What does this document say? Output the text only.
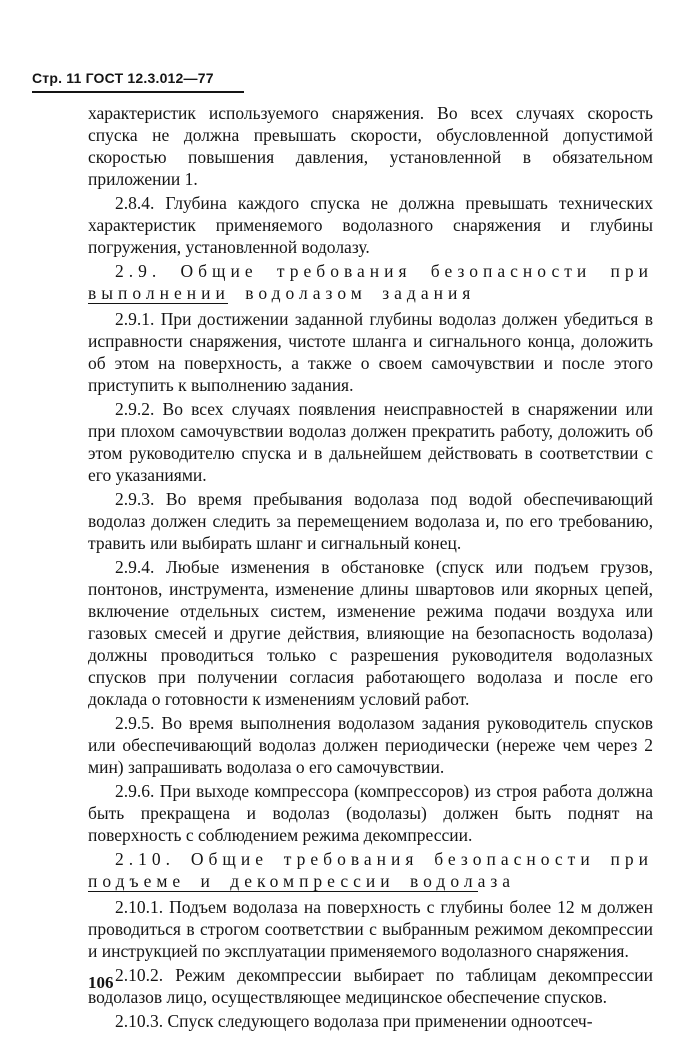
Стр. 11 ГОСТ 12.3.012—77

характеристик используемого снаряжения. Во всех случаях скорость спуска не должна превышать скорости, обусловленной допустимой скоростью повышения давления, установленной в обязательном приложении 1.

2.8.4. Глубина каждого спуска не должна превышать технических характеристик применяемого водолазного снаряжения и глубины погружения, установленной водолазу.

2.9. Общие требования безопасности при выполнении водолазом задания

2.9.1. При достижении заданной глубины водолаз должен убедиться в исправности снаряжения, чистоте шланга и сигнального конца, доложить об этом на поверхность, а также о своем самочувствии и после этого приступить к выполнению задания.

2.9.2. Во всех случаях появления неисправностей в снаряжении или при плохом самочувствии водолаз должен прекратить работу, доложить об этом руководителю спуска и в дальнейшем действовать в соответствии с его указаниями.

2.9.3. Во время пребывания водолаза под водой обеспечивающий водолаз должен следить за перемещением водолаза и, по его требованию, травить или выбирать шланг и сигнальный конец.

2.9.4. Любые изменения в обстановке (спуск или подъем грузов, понтонов, инструмента, изменение длины швартовов или якорных цепей, включение отдельных систем, изменение режима подачи воздуха или газовых смесей и другие действия, влияющие на безопасность водолаза) должны проводиться только с разрешения руководителя водолазных спусков при получении согласия работающего водолаза и после его доклада о готовности к изменениям условий работ.

2.9.5. Во время выполнения водолазом задания руководитель спусков или обеспечивающий водолаз должен периодически (нереже чем через 2 мин) запрашивать водолаза о его самочувствии.

2.9.6. При выходе компрессора (компрессоров) из строя работа должна быть прекращена и водолаз (водолазы) должен быть поднят на поверхность с соблюдением режима декомпрессии.

2.10. Общие требования безопасности при подъеме и декомпрессии водолаза

2.10.1. Подъем водолаза на поверхность с глубины более 12 м должен проводиться в строгом соответствии с выбранным режимом декомпрессии и инструкцией по эксплуатации применяемого водолазного снаряжения.

2.10.2. Режим декомпрессии выбирает по таблицам декомпрессии водолазов лицо, осуществляющее медицинское обеспечение спусков.

2.10.3. Спуск следующего водолаза при применении одноотсеч-

106
